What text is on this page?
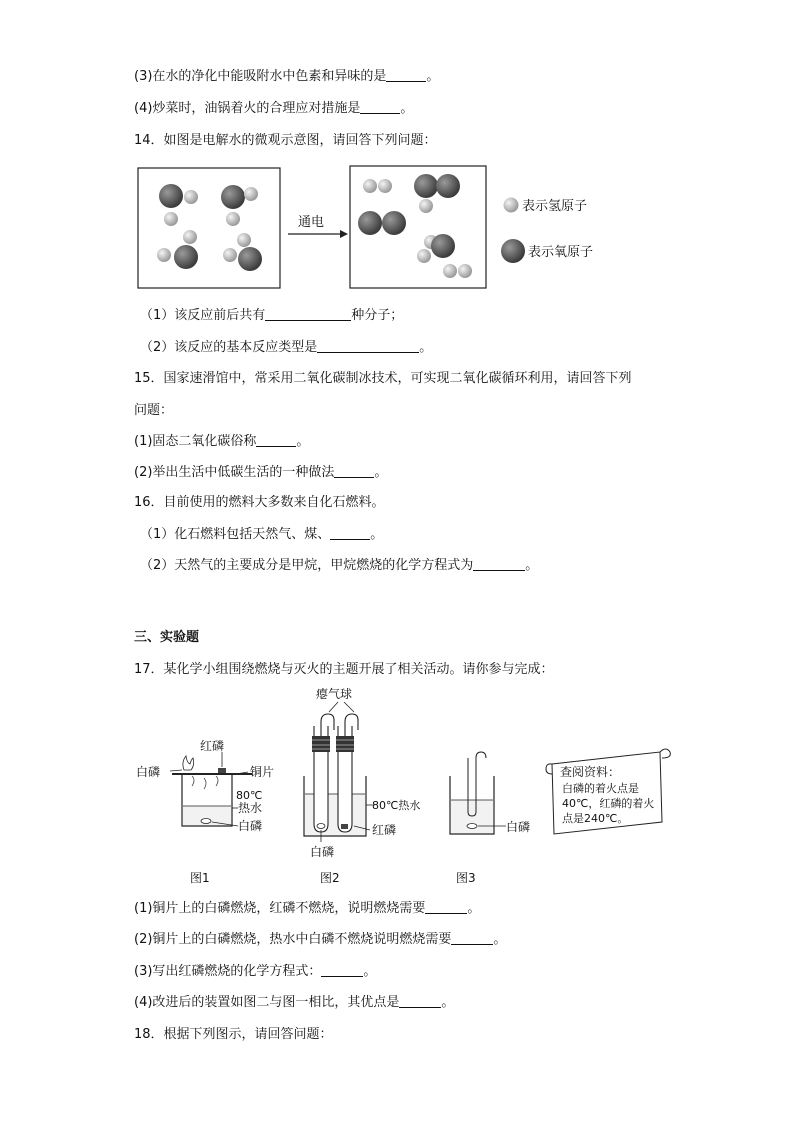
(3)在水的净化中能吸附水中色素和异味的是	。
(4)炒菜时，油锅着火的合理应对措施是	。
14．如图是电解水的微观示意图，请回答下列问题：
通电
表示氢原子
表示氧原子
（1）该反应前后共有	种分子；
（2）该反应的基本反应类型是	。
15．国家速滑馆中，常采用二氧化碳制冰技术，可实现二氧化碳循环利用，请回答下列
问题：
(1)固态二氧化碳俗称	。
(2)举出生活中低碳生活的一种做法	。
16．目前使用的燃料大多数来自化石燃料。
（1）化石燃料包括天然气、煤、	。
（2）天然气的主要成分是甲烷，甲烷燃烧的化学方程式为	。
三、实验题
17．某化学小组围绕燃烧与灭火的主题开展了相关活动。请你参与完成：
红磷
白磷	铜片
80℃
热水
白磷
图1
瘪气球
80℃热水
红磷
白磷
图2
白磷
图3
查阅资料：
白磷的着火点是
40℃，红磷的着火
点是240℃。
(1)铜片上的白磷燃烧，红磷不燃烧，说明燃烧需要	。
(2)铜片上的白磷燃烧，热水中白磷不燃烧说明燃烧需要	。
(3)写出红磷燃烧的化学方程式：	。
(4)改进后的装置如图二与图一相比，其优点是	。
18．根据下列图示，请回答问题：
